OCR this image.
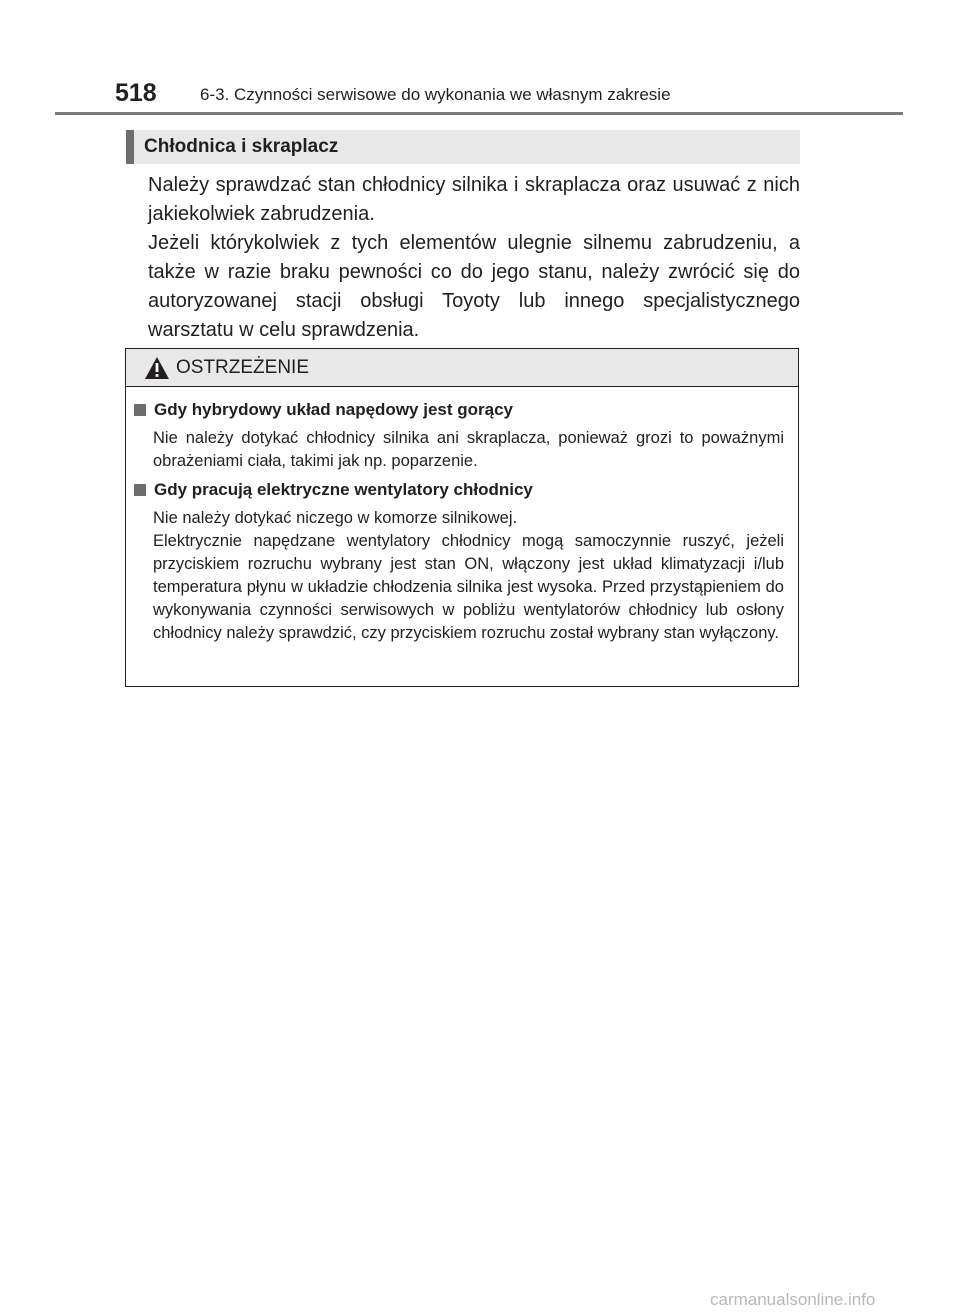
518	6-3. Czynności serwisowe do wykonania we własnym zakresie
Chłodnica i skraplacz

Należy sprawdzać stan chłodnicy silnika i skraplacza oraz usuwać z nich jakiekolwiek zabrudzenia.

Jeżeli którykolwiek z tych elementów ulegnie silnemu zabrudzeniu, a także w razie braku pewności co do jego stanu, należy zwrócić się do autoryzowanej stacji obsługi Toyoty lub innego specjalistycznego warsztatu w celu sprawdzenia.

OSTRZEŻENIE

Gdy hybrydowy układ napędowy jest gorący

Nie należy dotykać chłodnicy silnika ani skraplacza, ponieważ grozi to poważnymi obrażeniami ciała, takimi jak np. poparzenie.

Gdy pracują elektryczne wentylatory chłodnicy

Nie należy dotykać niczego w komorze silnikowej.

Elektrycznie napędzane wentylatory chłodnicy mogą samoczynnie ruszyć, jeżeli przyciskiem rozruchu wybrany jest stan ON, włączony jest układ klimatyzacji i/lub temperatura płynu w układzie chłodzenia silnika jest wysoka. Przed przystąpieniem do wykonywania czynności serwisowych w pobliżu wentylatorów chłodnicy lub osłony chłodnicy należy sprawdzić, czy przyciskiem rozruchu został wybrany stan wyłączony.

carmanualsonline.info
